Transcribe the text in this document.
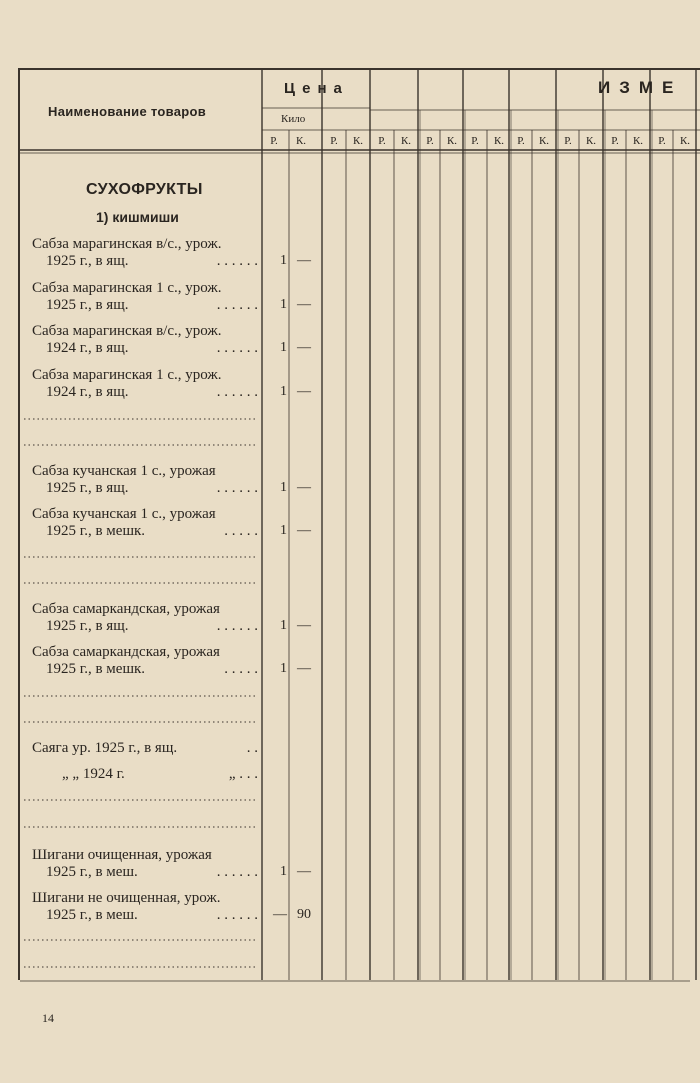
Наименование товаров
Цена	ИЗМЕ
Кило
Р.	К.	Р.	К.	Р.	К.	Р.	К.	Р.	К.	Р.	К.	Р.	К.	Р.	К.	Р.	К.
СУХОФРУКТЫ
1) кишмиши
Сабза марагинская в/с., урож.
1925 г., в ящ.	. . . . . . 1 —
Сабза марагинская 1 с., урож.
1925 г., в ящ.	. . . . . . 1 —
Сабза марагинская в/с., урож.
1924 г., в ящ.	. . . . . . 1 —
Сабза марагинская 1 с., урож.
1924 г., в ящ.	. . . . . . 1 —
Сабза кучанская 1 с., урожая
1925 г., в ящ.	. . . . . . 1 —
Сабза кучанская 1 с., урожая
1925 г., в мешк.	. . . . . 1 —
Сабза самаркандская, урожая
1925 г., в ящ.	. . . . . . 1 —
Сабза самаркандская, урожая
1925 г., в мешк.	. . . . . 1 —
Саяга ур. 1925 г., в ящ.	. .
„ „ 1924 г.	„ . . .
Шигани очищенная, урожая
1925 г., в меш.	. . . . . . 1 —
Шигани не очищенная, урож.
1925 г., в меш.	. . . . . . — 90
14
